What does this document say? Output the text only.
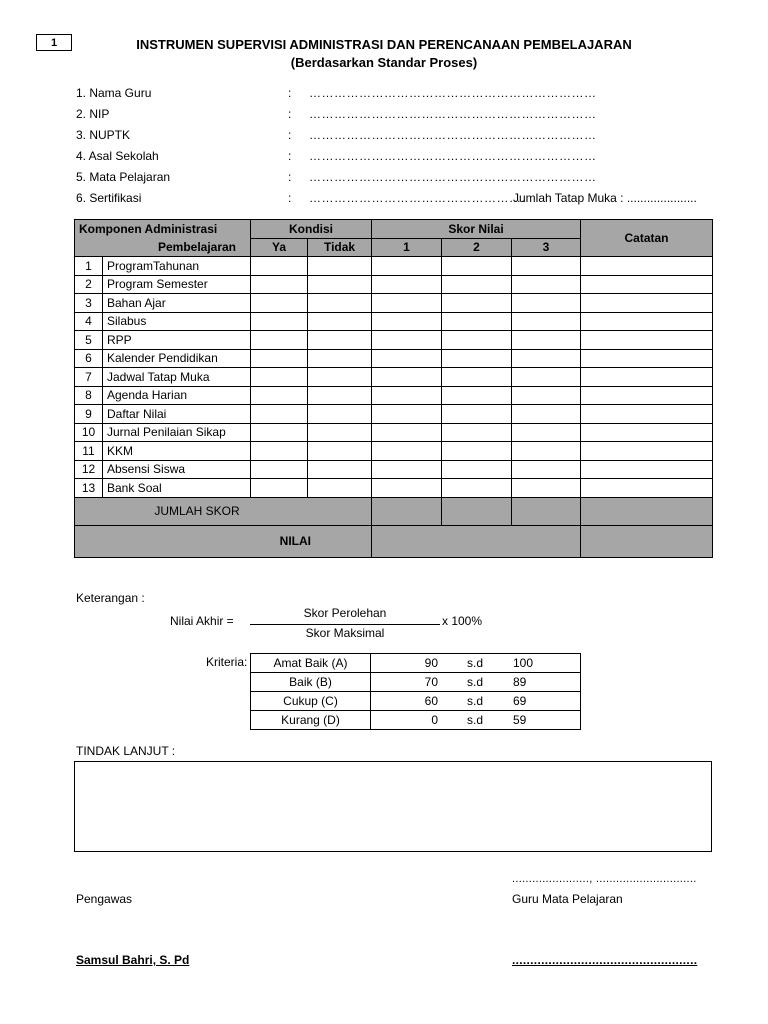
1	INSTRUMEN SUPERVISI ADMINISTRASI DAN PERENCANAAN PEMBELAJARAN
(Berdasarkan Standar Proses)
1. Nama Guru	: ……………………………………………………………
2. NIP	: ……………………………………………………………
3. NUPTK	: ……………………………………………………………
4. Asal Sekolah	: ……………………………………………………………
5. Mata Pelajaran	: ……………………………………………………………
6. Sertifikasi	: …………………………………………….
Jumlah Tatap Muka : .....................
Komponen Administrasi
Pembelajaran		Kondisi		Skor Nilai			Catatan
		Ya	Tidak	1	2	3	
1	ProgramTahunan						
2	Program Semester						
3	Bahan Ajar						
4	Silabus						
5	RPP						
6	Kalender Pendidikan						
7	Jadwal Tatap Muka						
8	Agenda Harian						
9	Daftar Nilai						
10	Jurnal Penilaian Sikap						
11	KKM						
12	Absensi Siswa						
13	Bank Soal						
JUMLAH SKOR							
NILAI							
Keterangan :
Nilai Akhir =
Skor Perolehan
Skor Maksimal
x 100%
Kriteria: Amat Baik (A)	90 s.d 100

Baik (B)	70 s.d 89

Cukup (C)	60 s.d 69

Kurang (D)	0 s.d 59
TINDAK LANJUT :
......................., ..............................
Pengawas	Guru Mata Pelajaran
Samsul Bahri, S. Pd	...................................................
